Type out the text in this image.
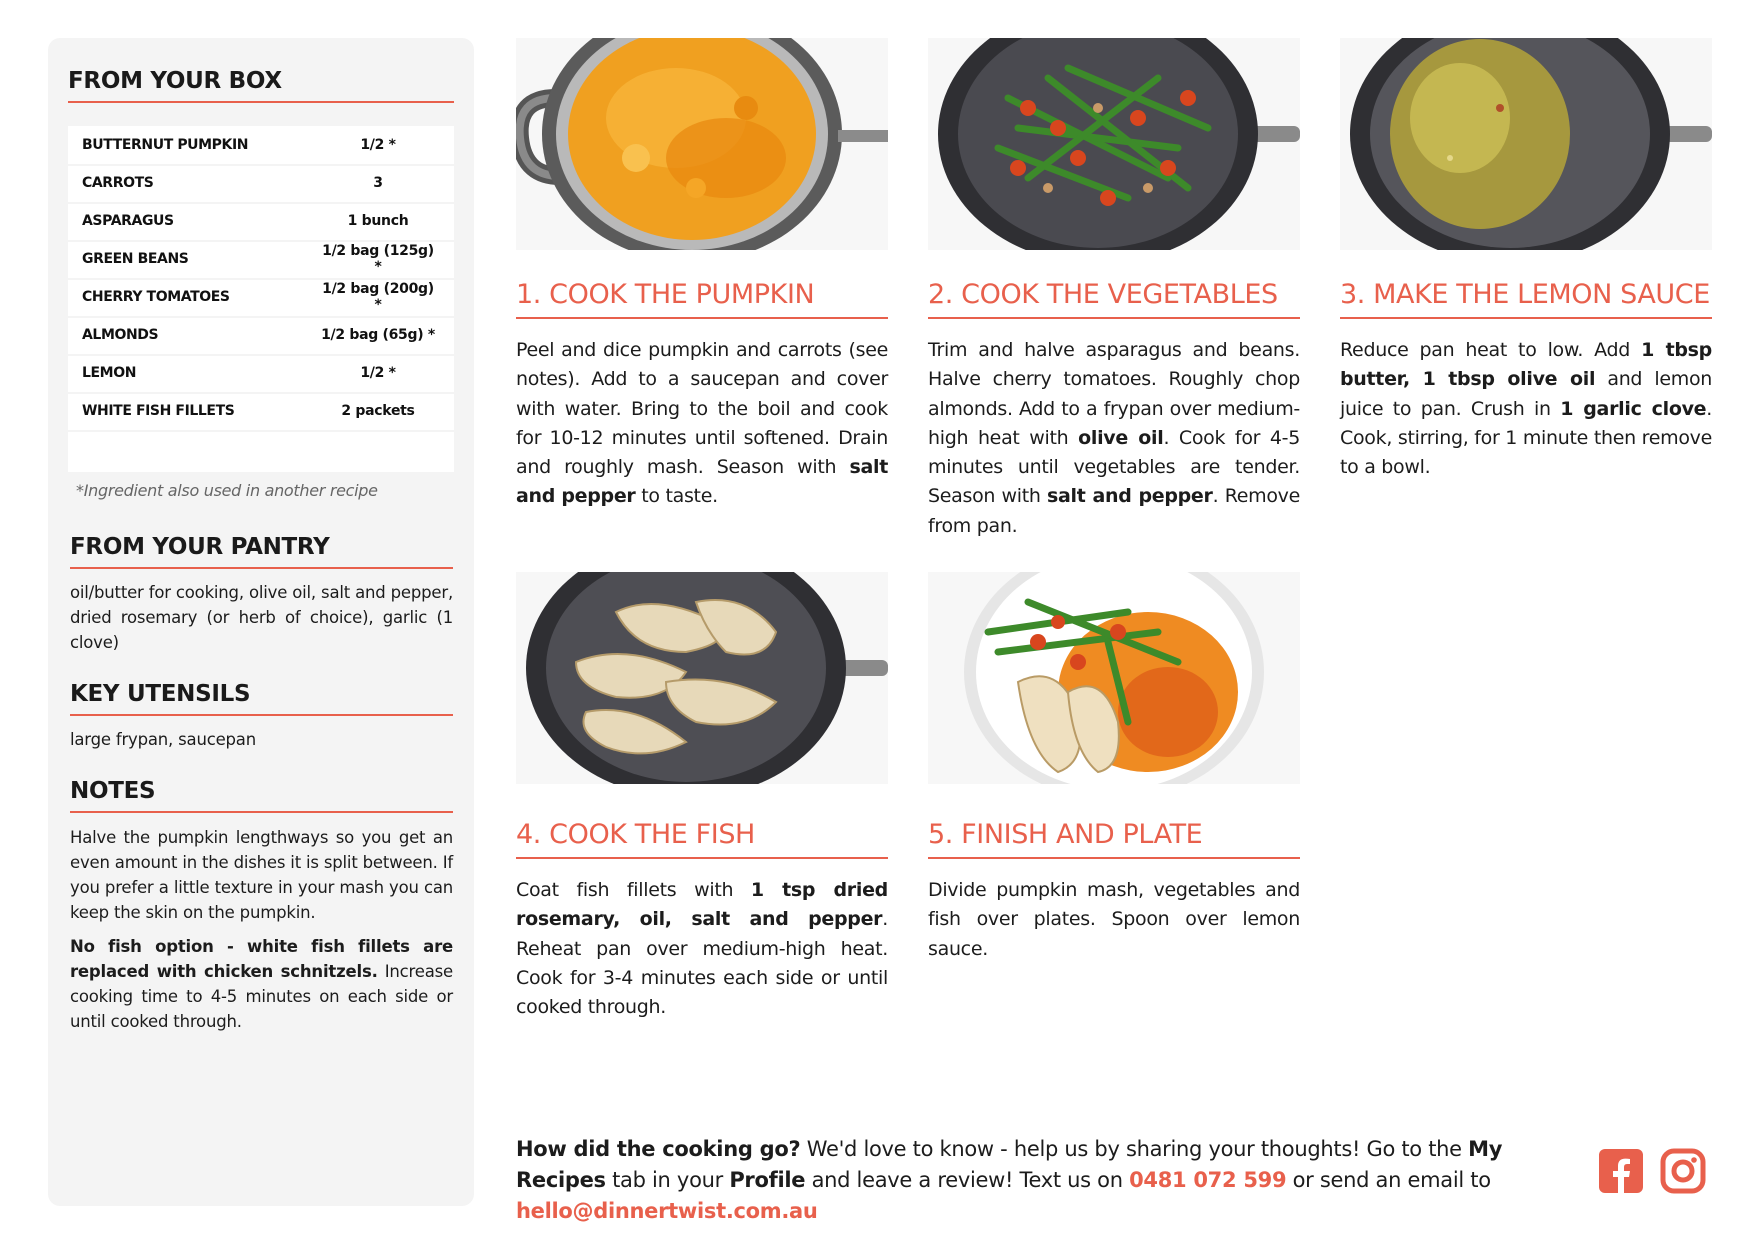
FROM YOUR BOX
BUTTERNUT PUMPKIN	1/2 *
CARROTS	3
ASPARAGUS	1 bunch
GREEN BEANS	1/2 bag (125g) *
CHERRY TOMATOES	1/2 bag (200g) *
ALMONDS	1/2 bag (65g) *
LEMON	1/2 *
WHITE FISH FILLETS	2 packets
*Ingredient also used in another recipe
FROM YOUR PANTRY
oil/butter for cooking, olive oil, salt and pepper, dried rosemary (or herb of choice), garlic (1 clove)
KEY UTENSILS
large frypan, saucepan
NOTES
Halve the pumpkin lengthways so you get an even amount in the dishes it is split between. If you prefer a little texture in your mash you can keep the skin on the pumpkin.
No fish option - white fish fillets are replaced with chicken schnitzels. Increase cooking time to 4-5 minutes on each side or until cooked through.
1. COOK THE PUMPKIN
Peel and dice pumpkin and carrots (see notes). Add to a saucepan and cover with water. Bring to the boil and cook for 10-12 minutes until softened. Drain and roughly mash. Season with salt and pepper to taste.
2. COOK THE VEGETABLES
Trim and halve asparagus and beans. Halve cherry tomatoes. Roughly chop almonds. Add to a frypan over medium-high heat with olive oil. Cook for 4-5 minutes until vegetables are tender. Season with salt and pepper. Remove from pan.
3. MAKE THE LEMON SAUCE
Reduce pan heat to low. Add 1 tbsp butter, 1 tbsp olive oil and lemon juice to pan. Crush in 1 garlic clove. Cook, stirring, for 1 minute then remove to a bowl.
4. COOK THE FISH
Coat fish fillets with 1 tsp dried rosemary, oil, salt and pepper. Reheat pan over medium-high heat. Cook for 3-4 minutes each side or until cooked through.
5. FINISH AND PLATE
Divide pumpkin mash, vegetables and fish over plates. Spoon over lemon sauce.
How did the cooking go? We'd love to know - help us by sharing your thoughts! Go to the My Recipes tab in your Profile and leave a review! Text us on 0481 072 599 or send an email to hello@dinnertwist.com.au
